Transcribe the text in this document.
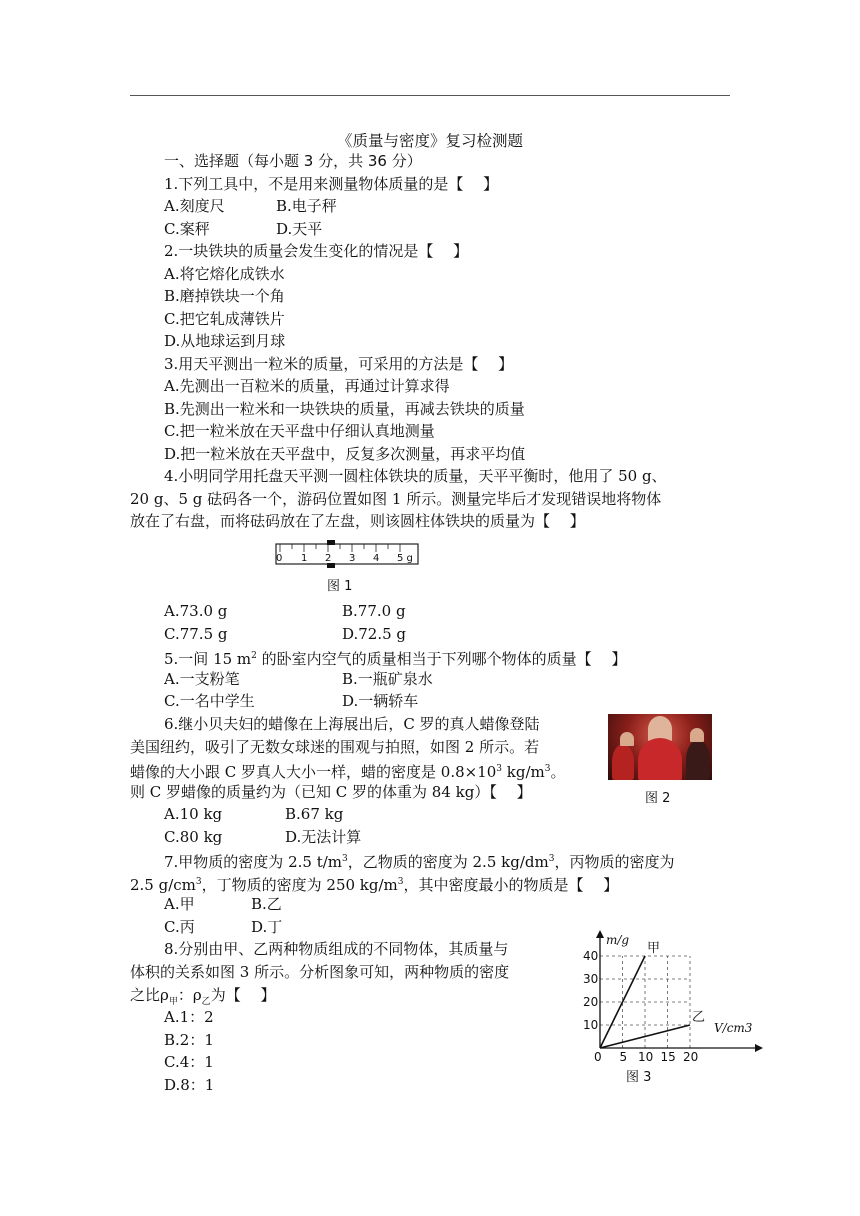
《质量与密度》复习检测题
一、选择题（每小题 3 分，共 36 分）
1.下列工具中，不是用来测量物体质量的是【　 】
A.刻度尺	B.电子秤
C.案秤	D.天平
2.一块铁块的质量会发生变化的情况是【　 】
A.将它熔化成铁水
B.磨掉铁块一个角
C.把它轧成薄铁片
D.从地球运到月球
3.用天平测出一粒米的质量，可采用的方法是【　 】
A.先测出一百粒米的质量，再通过计算求得
B.先测出一粒米和一块铁块的质量，再减去铁块的质量
C.把一粒米放在天平盘中仔细认真地测量
D.把一粒米放在天平盘中，反复多次测量，再求平均值
4.小明同学用托盘天平测一圆柱体铁块的质量，天平平衡时，他用了 50 g、
20 g、5 g 砝码各一个，游码位置如图 1 所示。测量完毕后才发现错误地将物体
放在了右盘，而将砝码放在了左盘，则该圆柱体铁块的质量为【　 】
0 1 2 3 4 5 g
图 1
A.73.0 g	B.77.0 g
C.77.5 g	D.72.5 g
5.一间 15 $m^2$ 的卧室内空气的质量相当于下列哪个物体的质量【　 】
A.一支粉笔	B.一瓶矿泉水
C.一名中学生	D.一辆轿车
6.继小贝夫妇的蜡像在上海展出后，C 罗的真人蜡像登陆
美国纽约，吸引了无数女球迷的围观与拍照，如图 2 所示。若
蜡像的大小跟 C 罗真人大小一样，蜡的密度是 $0.8\times 10^3$ $kg/m^3$。
则 C 罗蜡像的质量约为（已知 C 罗的体重为 84 kg）【　 】	图 2
A.10 kg	B.67 kg
C.80 kg	D.无法计算
7.甲物质的密度为 2.5 $t/m^3$，乙物质的密度为 2.5 $kg/dm^3$，丙物质的密度为
2.5 $g/cm^3$，丁物质的密度为 250 $kg/m^3$，其中密度最小的物质是【　 】
A.甲	B.乙
C.丙	D.丁
8.分别由甲、乙两种物质组成的不同物体，其质量与
体积的关系如图 3 所示。分析图象可知，两种物质的密度
之比$\rho_甲$：$\rho_乙$为【　 】
A.1：2
B.2：1
C.4：1
D.8：1
甲
乙
0 5 10 15 20
10
20
30
40
m/g
V/cm3
图 3
